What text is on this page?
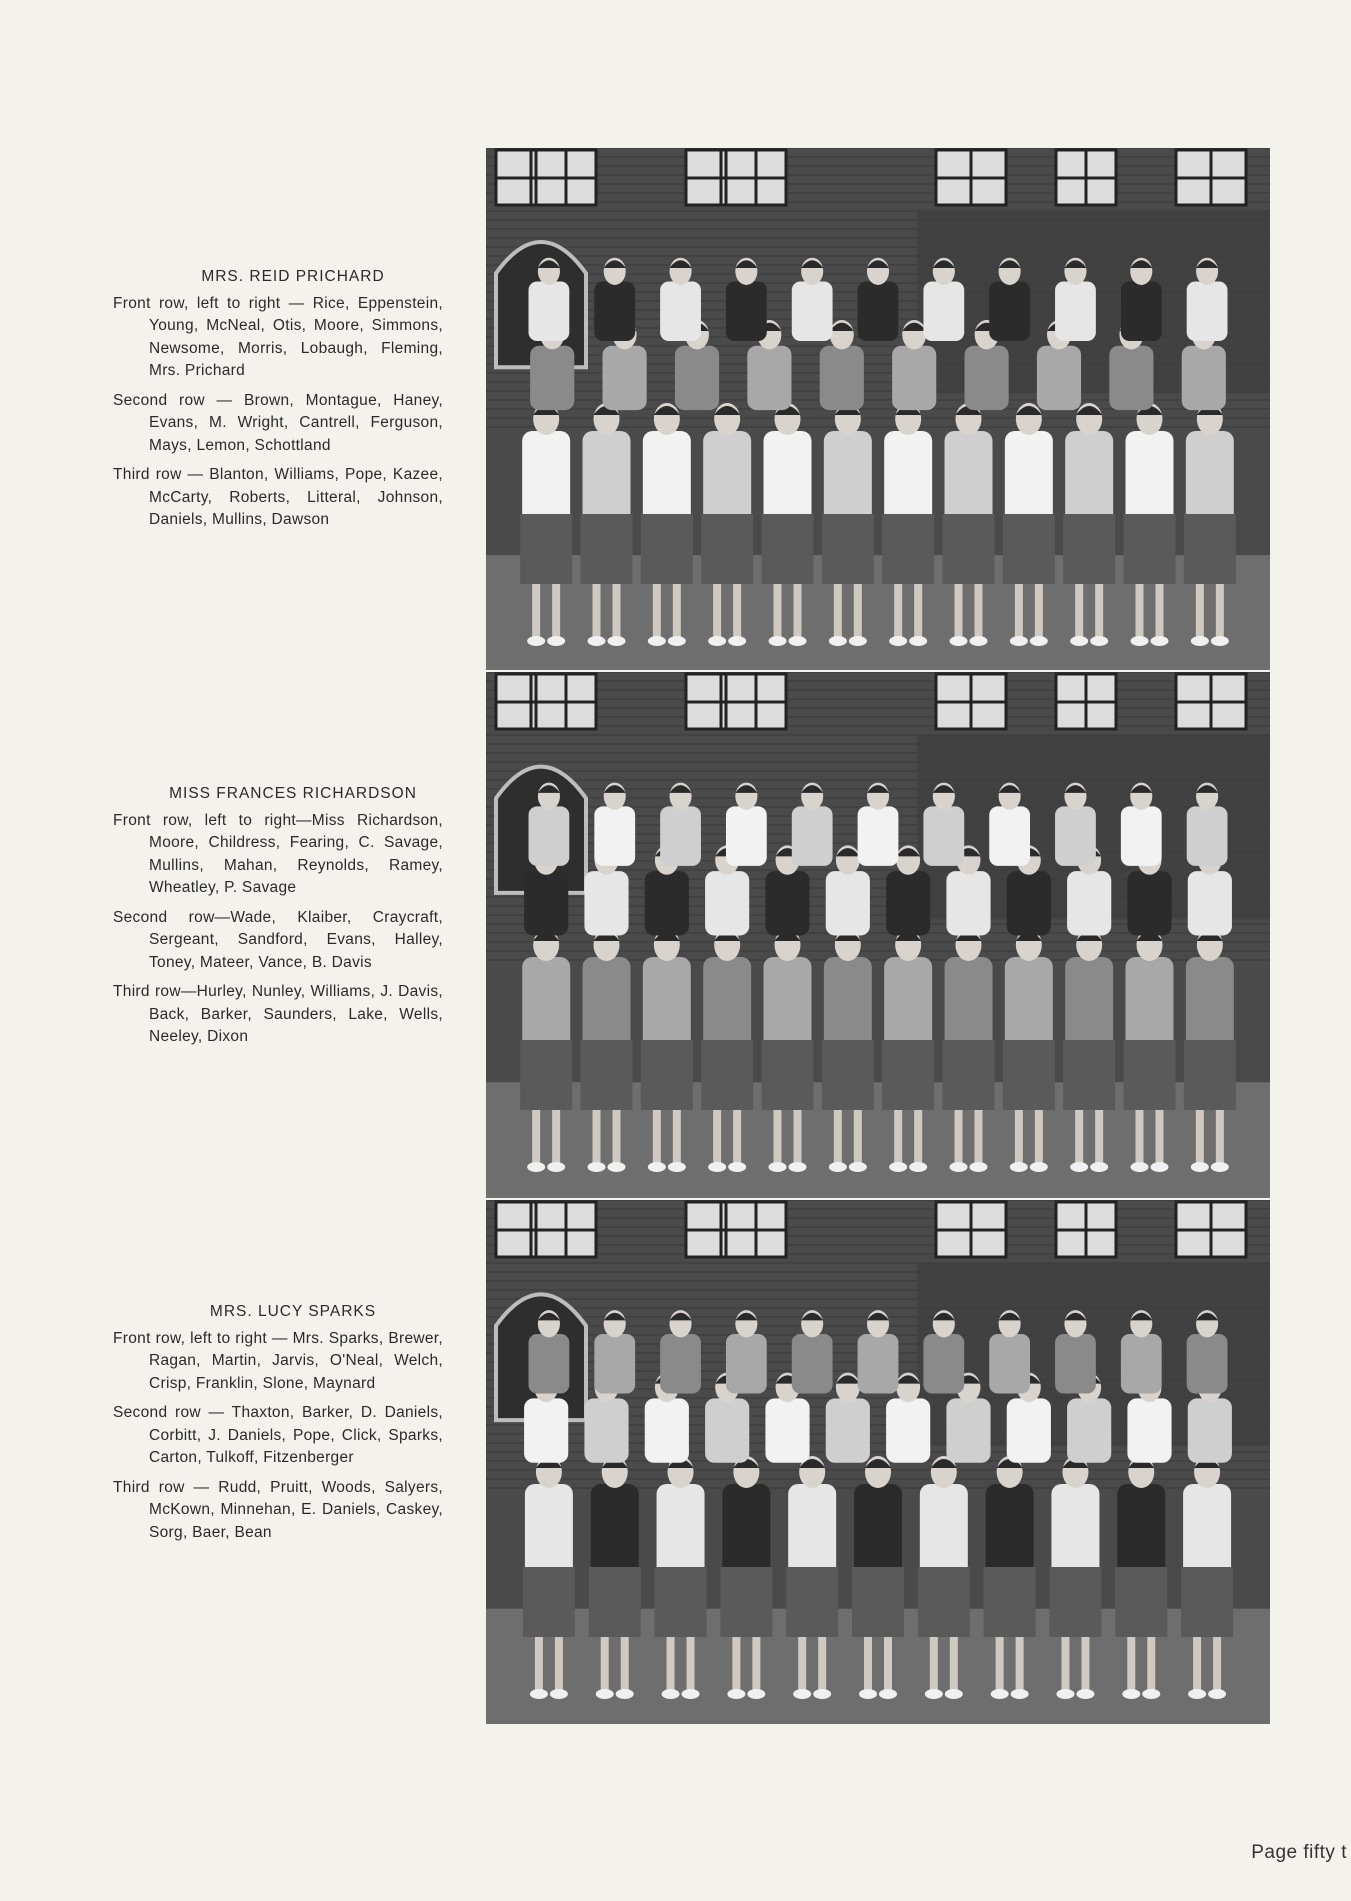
MRS. REID PRICHARD

Front row, left to right — Rice, Eppenstein, Young, McNeal, Otis, Moore, Simmons, Newsome, Morris, Lobaugh, Fleming, Mrs. Prichard

Second row — Brown, Montague, Haney, Evans, M. Wright, Cantrell, Ferguson, Mays, Lemon, Schottland

Third row — Blanton, Williams, Pope, Kazee, McCarty, Roberts, Litteral, Johnson, Daniels, Mullins, Dawson

MISS FRANCES RICHARDSON

Front row, left to right—Miss Richardson, Moore, Childress, Fearing, C. Savage, Mullins, Mahan, Reynolds, Ramey, Wheatley, P. Savage

Second row—Wade, Klaiber, Craycraft, Sergeant, Sandford, Evans, Halley, Toney, Mateer, Vance, B. Davis

Third row—Hurley, Nunley, Williams, J. Davis, Back, Barker, Saunders, Lake, Wells, Neeley, Dixon

MRS. LUCY SPARKS

Front row, left to right — Mrs. Sparks, Brewer, Ragan, Martin, Jarvis, O'Neal, Welch, Crisp, Franklin, Slone, Maynard

Second row — Thaxton, Barker, D. Daniels, Corbitt, J. Daniels, Pope, Click, Sparks, Carton, Tulkoff, Fitzenberger

Third row — Rudd, Pruitt, Woods, Salyers, McKown, Minnehan, E. Daniels, Caskey, Sorg, Baer, Bean

Page fifty t
